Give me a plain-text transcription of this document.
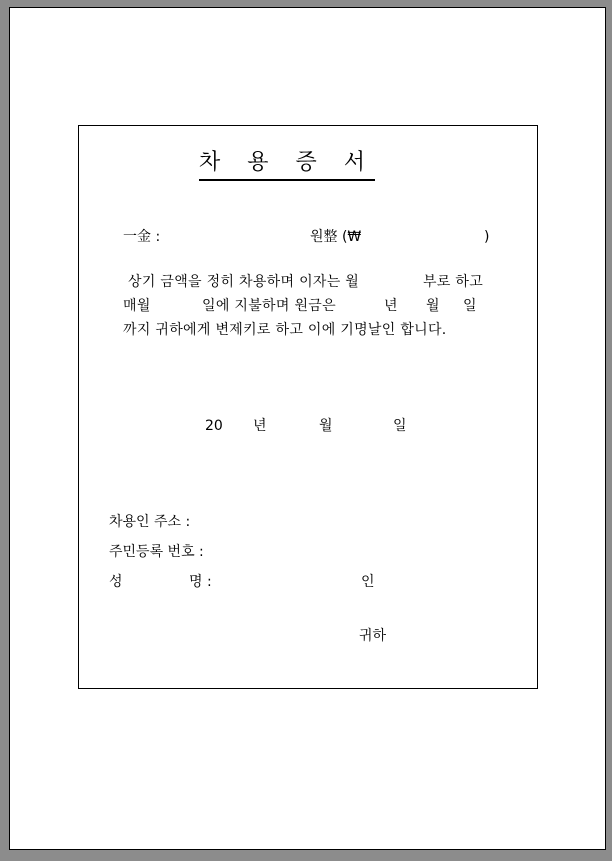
차 용 증 서
一金 :	원整 (₩	)
상기 금액을 정히 차용하며 이자는 월	부로 하고
매월	일에 지불하며 원금은	년 월 일
까지 귀하에게 변제키로 하고 이에 기명날인 합니다.
20 년	월	일
차용인 주소 :
주민등록 번호 :
성	명 :	인
귀하
